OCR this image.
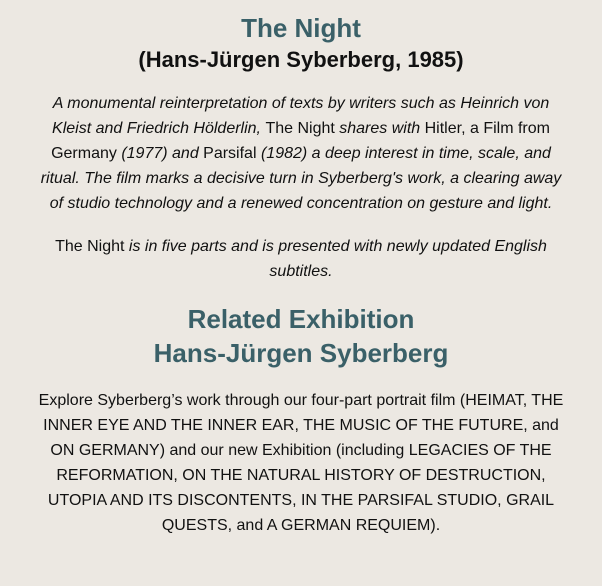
The Night
(Hans-Jürgen Syberberg, 1985)

A monumental reinterpretation of texts by writers such as Heinrich von Kleist and Friedrich Hölderlin, The Night shares with Hitler, a Film from Germany (1977) and Parsifal (1982) a deep interest in time, scale, and ritual. The film marks a decisive turn in Syberberg's work, a clearing away of studio technology and a renewed concentration on gesture and light.

The Night is in five parts and is presented with newly updated English subtitles.

Related Exhibition
Hans-Jürgen Syberberg

Explore Syberberg’s work through our four-part portrait film (HEIMAT, THE INNER EYE AND THE INNER EAR, THE MUSIC OF THE FUTURE, and ON GERMANY) and our new Exhibition (including LEGACIES OF THE REFORMATION, ON THE NATURAL HISTORY OF DESTRUCTION, UTOPIA AND ITS DISCONTENTS, IN THE PARSIFAL STUDIO, GRAIL QUESTS, and A GERMAN REQUIEM).
